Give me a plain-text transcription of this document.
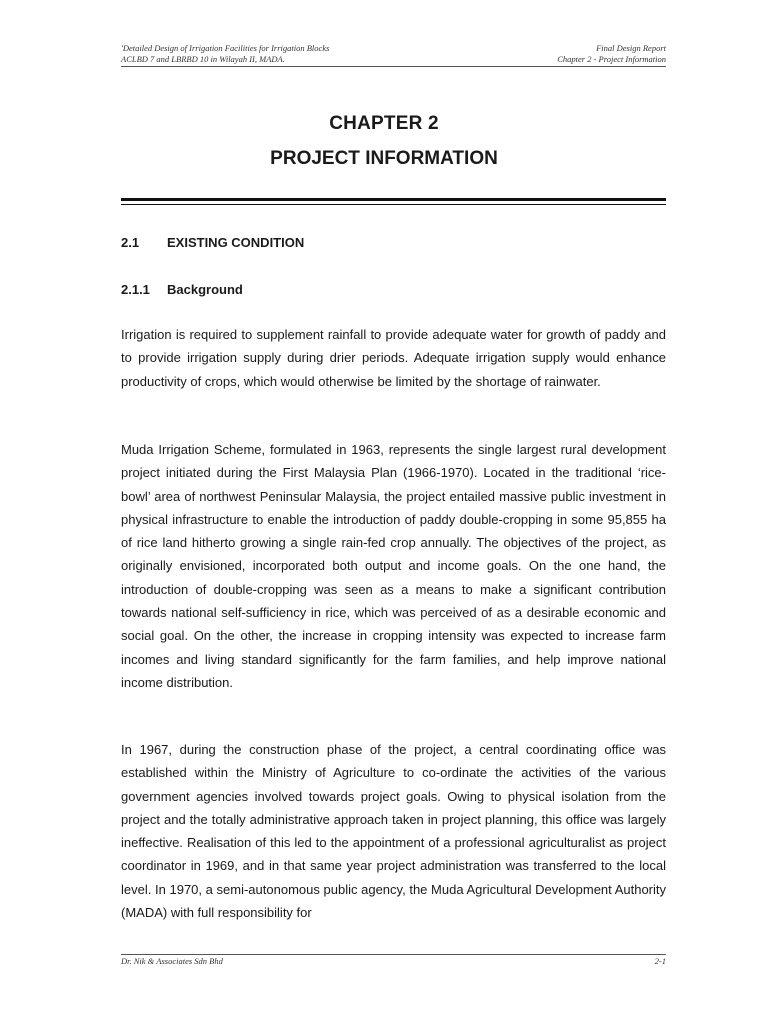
'Detailed Design of Irrigation Facilities for Irrigation Blocks	Final Design Report
ACLBD 7 and LBRBD 10 in Wilayah II, MADA.	Chapter 2 - Project Information
CHAPTER 2
PROJECT INFORMATION
2.1 EXISTING CONDITION
2.1.1 Background

Irrigation is required to supplement rainfall to provide adequate water for growth of paddy and to provide irrigation supply during drier periods. Adequate irrigation supply would enhance productivity of crops, which would otherwise be limited by the shortage of rainwater.

Muda Irrigation Scheme, formulated in 1963, represents the single largest rural development project initiated during the First Malaysia Plan (1966-1970). Located in the traditional ‘rice-bowl’ area of northwest Peninsular Malaysia, the project entailed massive public investment in physical infrastructure to enable the introduction of paddy double-cropping in some 95,855 ha of rice land hitherto growing a single rain-fed crop annually. The objectives of the project, as originally envisioned, incorporated both output and income goals. On the one hand, the introduction of double-cropping was seen as a means to make a significant contribution towards national self-sufficiency in rice, which was perceived of as a desirable economic and social goal. On the other, the increase in cropping intensity was expected to increase farm incomes and living standard significantly for the farm families, and help improve national income distribution.

In 1967, during the construction phase of the project, a central coordinating office was established within the Ministry of Agriculture to co-ordinate the activities of the various government agencies involved towards project goals. Owing to physical isolation from the project and the totally administrative approach taken in project planning, this office was largely ineffective. Realisation of this led to the appointment of a professional agriculturalist as project coordinator in 1969, and in that same year project administration was transferred to the local level. In 1970, a semi-autonomous public agency, the Muda Agricultural Development Authority (MADA) with full responsibility for

Dr. Nik & Associates Sdn Bhd	2-1
